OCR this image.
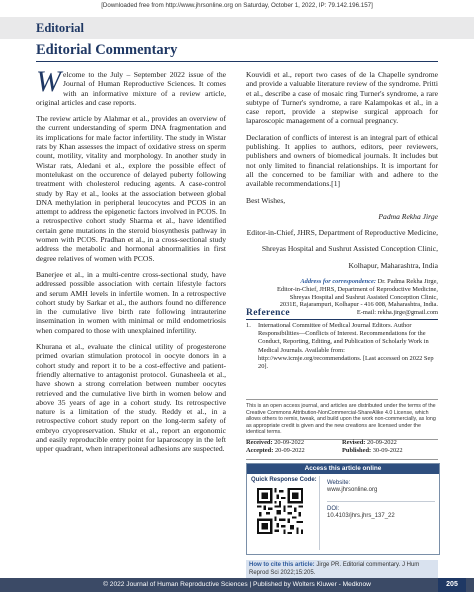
[Downloaded free from http://www.jhrsonline.org on Saturday, October 1, 2022, IP: 79.142.196.157]
Editorial
Editorial Commentary

Welcome to the July – September 2022 issue of the Journal of Human Reproductive Sciences. It comes with an informative mixture of a review article, original articles and case reports.

The review article by Alahmar et al., provides an overview of the current understanding of sperm DNA fragmentation and its implications for male factor infertility. The study in Wistar rats by Khan assesses the impact of oxidative stress on sperm count, motility, vitality and morphology. In another study in Wistar rats, Aledani et al., explore the possible effect of montelukast on the occurence of delayed puberty following treatment with cholesterol reducing agents. A case-control study by Ray et al., looks at the association between global DNA methylation in peripheral leucocytes and PCOS in an attempt to address the epigenetic factors involved in PCOS. In a retrospective cohort study Sharma et al., have identified certain gene mutations in the steroid biosynthesis pathway in women with PCOS. Pradhan et al., in a cross-sectional study address the metabolic and hormonal abnormalities in first degree relatives of women with PCOS.

Banerjee et al., in a multi-centre cross-sectional study, have addressed possible association with certain lifestyle factors and serum AMH levels in infertile women. In a retrospective cohort study by Sarkar et al., the authors found no difference in the cumulative live birth rate following intrauterine insemination in women with minimal or mild endometriosis when compared to those with unexplained infertility.

Khurana et al., evaluate the clinical utility of progesterone primed ovarian stimulation protocol in oocyte donors in a cohort study and report it to be a cost-effective and patient-friendly alternative to antagonist protocol. Gunasheela et al., have shown a strong correlation between number oocytes retrieved and the cumulative live birth in women below and above 35 years of age in a cohort study. Its retrospective nature is a limitation of the study. Reddy et al., in a retrospective cohort study report on the long-term safety of embryo cryopreservation. Shukr et al., report an ergonomic and easily reproducible entry point for laparoscopy in the left upper quadrant, when intraperitoneal adhesions are suspected.

Kouvidi et al., report two cases of de la Chapelle syndrome and provide a valuable literature review of the syndrome. Pritti et al., describe a case of mosaic ring Turner's syndrome, a rare subtype of Turner's syndrome, a rare Kalampokas et al., in a case report, provide a stepwise surgical approach for laparoscopic management of a cornual pregnancy.

Declaration of conflicts of interest is an integral part of ethical publishing. It applies to authors, editors, peer reviewers, publishers and owners of biomedical journals. It includes but not only limited to financial relationships. It is important for all the concerned to be familiar with and adhere to the available recommendations.[1]

Best Wishes,

Padma Rekha Jirge

Editor-in-Chief, JHRS, Department of Reproductive Medicine,

Shreyas Hospital and Sushrut Assisted Conception Clinic,

Kolhapur, Maharashtra, India

Address for correspondence: Dr. Padma Rekha Jirge,
Editor-in-Chief, JHRS, Department of Reproductive Medicine,
Shreyas Hospital and Sushrut Assisted Conception Clinic,
2031E, Rajarampuri, Kolhapur - 416 008, Maharashtra, India.
E-mail: rekha.jirge@gmail.com
Reference
1.	International Committee of Medical Journal Editors. Author Responsibilities—Conflicts of Interest. Recommendations for the Conduct, Reporting, Editing, and Publication of Scholarly Work in Medical Journals. Available from: http://www.icmje.org/recommendations. [Last accessed on 2022 Sep 20].
This is an open access journal, and articles are distributed under the terms of the Creative Commons Attribution-NonCommercial-ShareAlike 4.0 License, which allows others to remix, tweak, and build upon the work non-commercially, as long as appropriate credit is given and the new creations are licensed under the identical terms.
Received: 20-09-2022	Revised: 20-09-2022
Accepted: 20-09-2022	Published: 30-09-2022
Access this article online
Quick Response Code: Website:
www.jhrsonline.org
DOI:
10.4103/jhrs.jhrs_137_22
How to cite this article: Jirge PR. Editorial commentary. J Hum Reprod Sci 2022;15:205.
© 2022 Journal of Human Reproductive Sciences | Published by Wolters Kluwer - Medknow	205
